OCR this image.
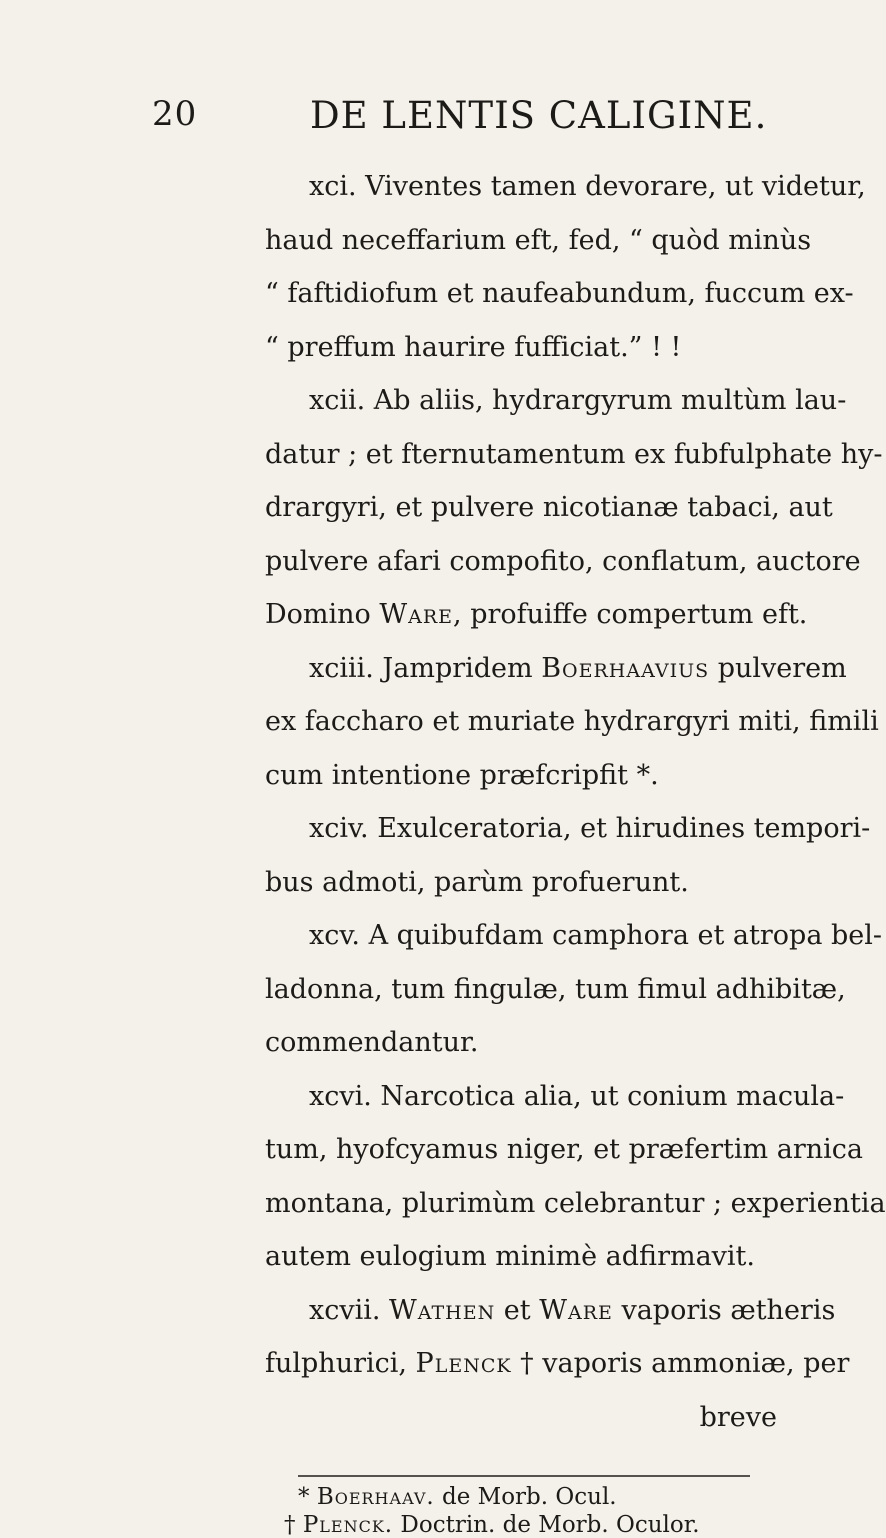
20	DE LENTIS CALIGINE.
xci. Viventes tamen devorare, ut videtur,
haud neceffarium eft, fed, “ quòd minùs
“ faftidiofum et naufeabundum, fuccum ex-
“ preffum haurire fufficiat.” ! !
xcii. Ab aliis, hydrargyrum multùm lau-
datur ; et fternutamentum ex fubfulphate hy-
drargyri, et pulvere nicotianæ tabaci, aut
pulvere afari compofito, conflatum, auctore
Domino Ware, profuiffe compertum eft.
xciii. Jampridem Boerhaavius pulverem
ex faccharo et muriate hydrargyri miti, fimili
cum intentione præfcripfit *.
xciv. Exulceratoria, et hirudines tempori-
bus admoti, parùm profuerunt.
xcv. A quibufdam camphora et atropa bel-
ladonna, tum fingulæ, tum fimul adhibitæ,
commendantur.
xcvi. Narcotica alia, ut conium macula-
tum, hyofcyamus niger, et præfertim arnica
montana, plurimùm celebrantur ; experientia
autem eulogium minimè adfirmavit.
xcvii. Wathen et Ware vaporis ætheris
fulphurici, Plenck † vaporis ammoniæ, per
breve
* Boerhaav. de Morb. Ocul.
† Plenck. Doctrin. de Morb. Oculor.
